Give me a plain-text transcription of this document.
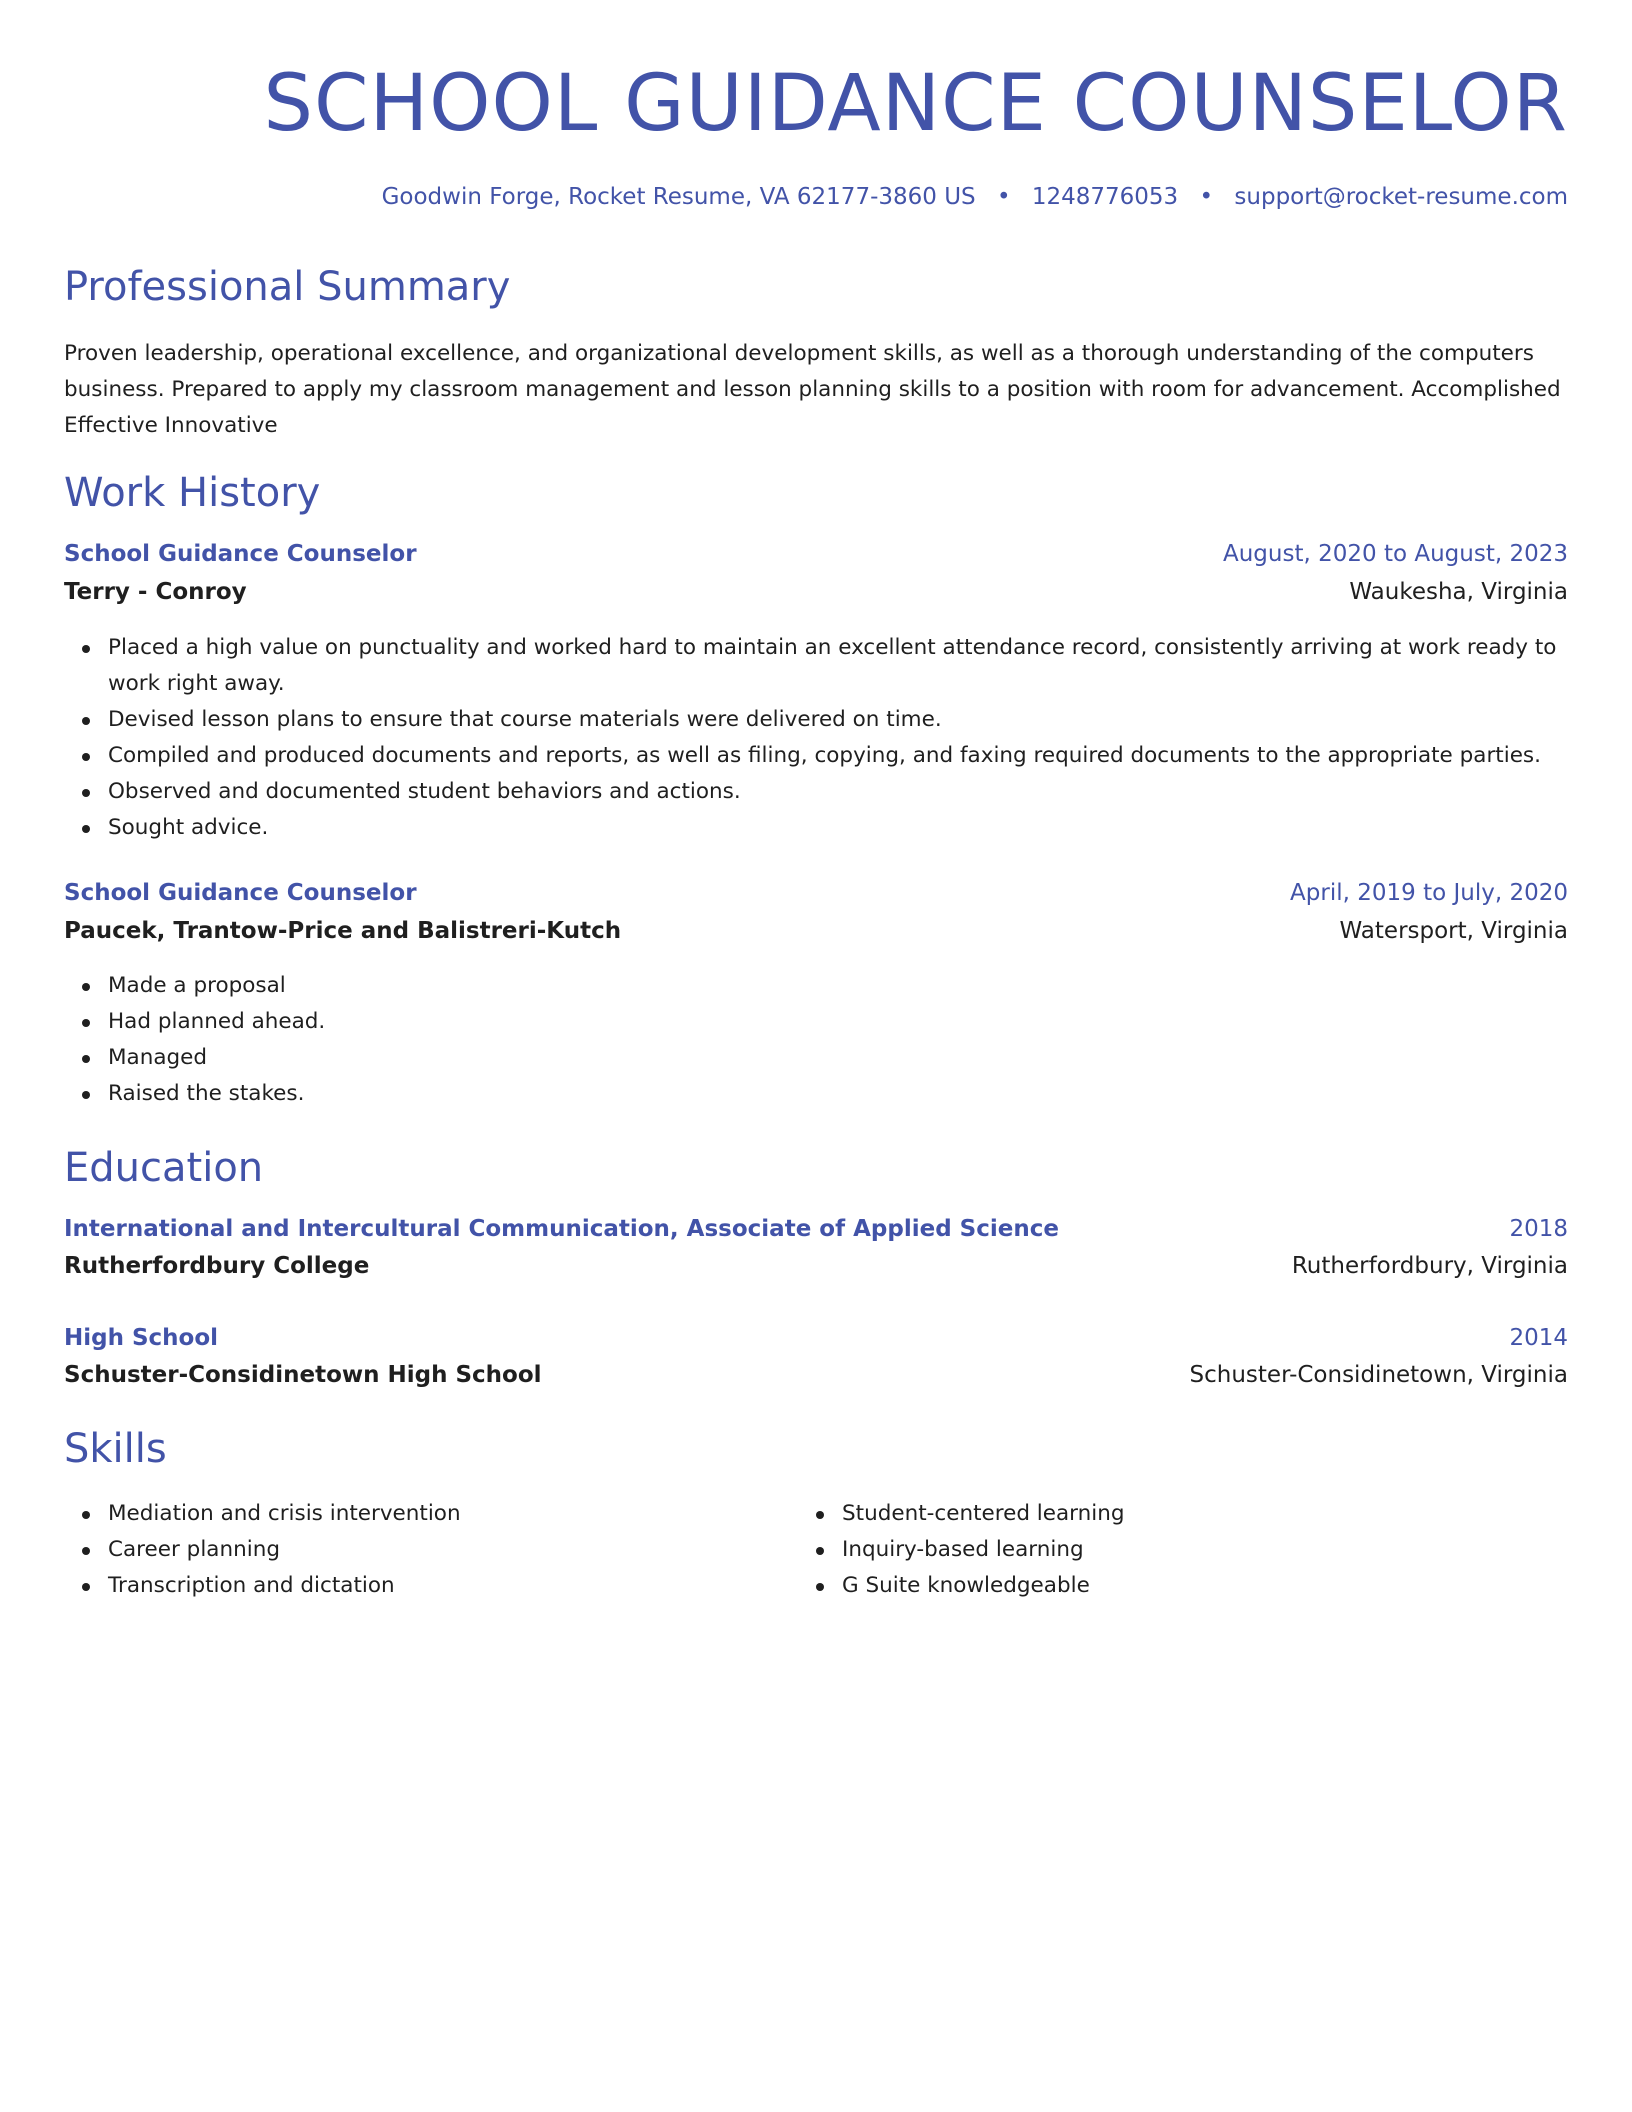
SCHOOL GUIDANCE COUNSELOR
Goodwin Forge, Rocket Resume, VA 62177-3860 US • 1248776053 • support@rocket-resume.com
Professional Summary

Proven leadership, operational excellence, and organizational development skills, as well as a thorough understanding of the computers business. Prepared to apply my classroom management and lesson planning skills to a position with room for advancement. Accomplished Effective Innovative

Work History
School Guidance Counselor	August, 2020 to August, 2023
Terry - Conroy	Waukesha, Virginia
Placed a high value on punctuality and worked hard to maintain an excellent attendance record, consistently arriving at work ready to work right away.
Devised lesson plans to ensure that course materials were delivered on time.
Compiled and produced documents and reports, as well as filing, copying, and faxing required documents to the appropriate parties.
Observed and documented student behaviors and actions.
Sought advice.
School Guidance Counselor	April, 2019 to July, 2020
Paucek, Trantow-Price and Balistreri-Kutch	Watersport, Virginia
Made a proposal
Had planned ahead.
Managed
Raised the stakes.
Education
International and Intercultural Communication, Associate of Applied Science	2018
Rutherfordbury College	Rutherfordbury, Virginia
High School	2014
Schuster-Considinetown High School	Schuster-Considinetown, Virginia
Skills
Mediation and crisis intervention
Career planning
Transcription and dictation
Student-centered learning
Inquiry-based learning
G Suite knowledgeable
